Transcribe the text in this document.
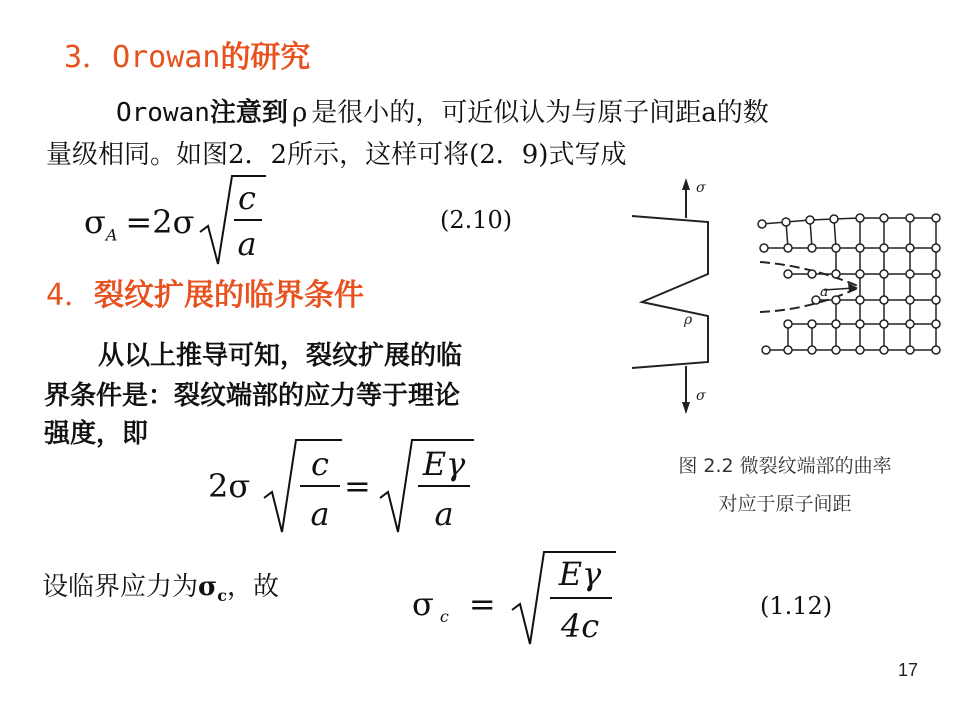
3．Orowan的研究
Orowan注意到 ρ 是很小的，可近似认为与原子间距a的数
量级相同。如图2．2所示，这样可将(2．9)式写成
$\sigma_A =2\sigma$
c
a
(2.10)
4．裂纹扩展的临界条件
从以上推导可知，裂纹扩展的临
界条件是：裂纹端部的应力等于理论
强度，即
2σ
c
a
=
Eγ
a
设临界应力为$\sigma_c$，故	σ $_c$ =
Eγ
4c
(1.12)
σ
σ
ρ
a
图 2.2 微裂纹端部的曲率
对应于原子间距
17
